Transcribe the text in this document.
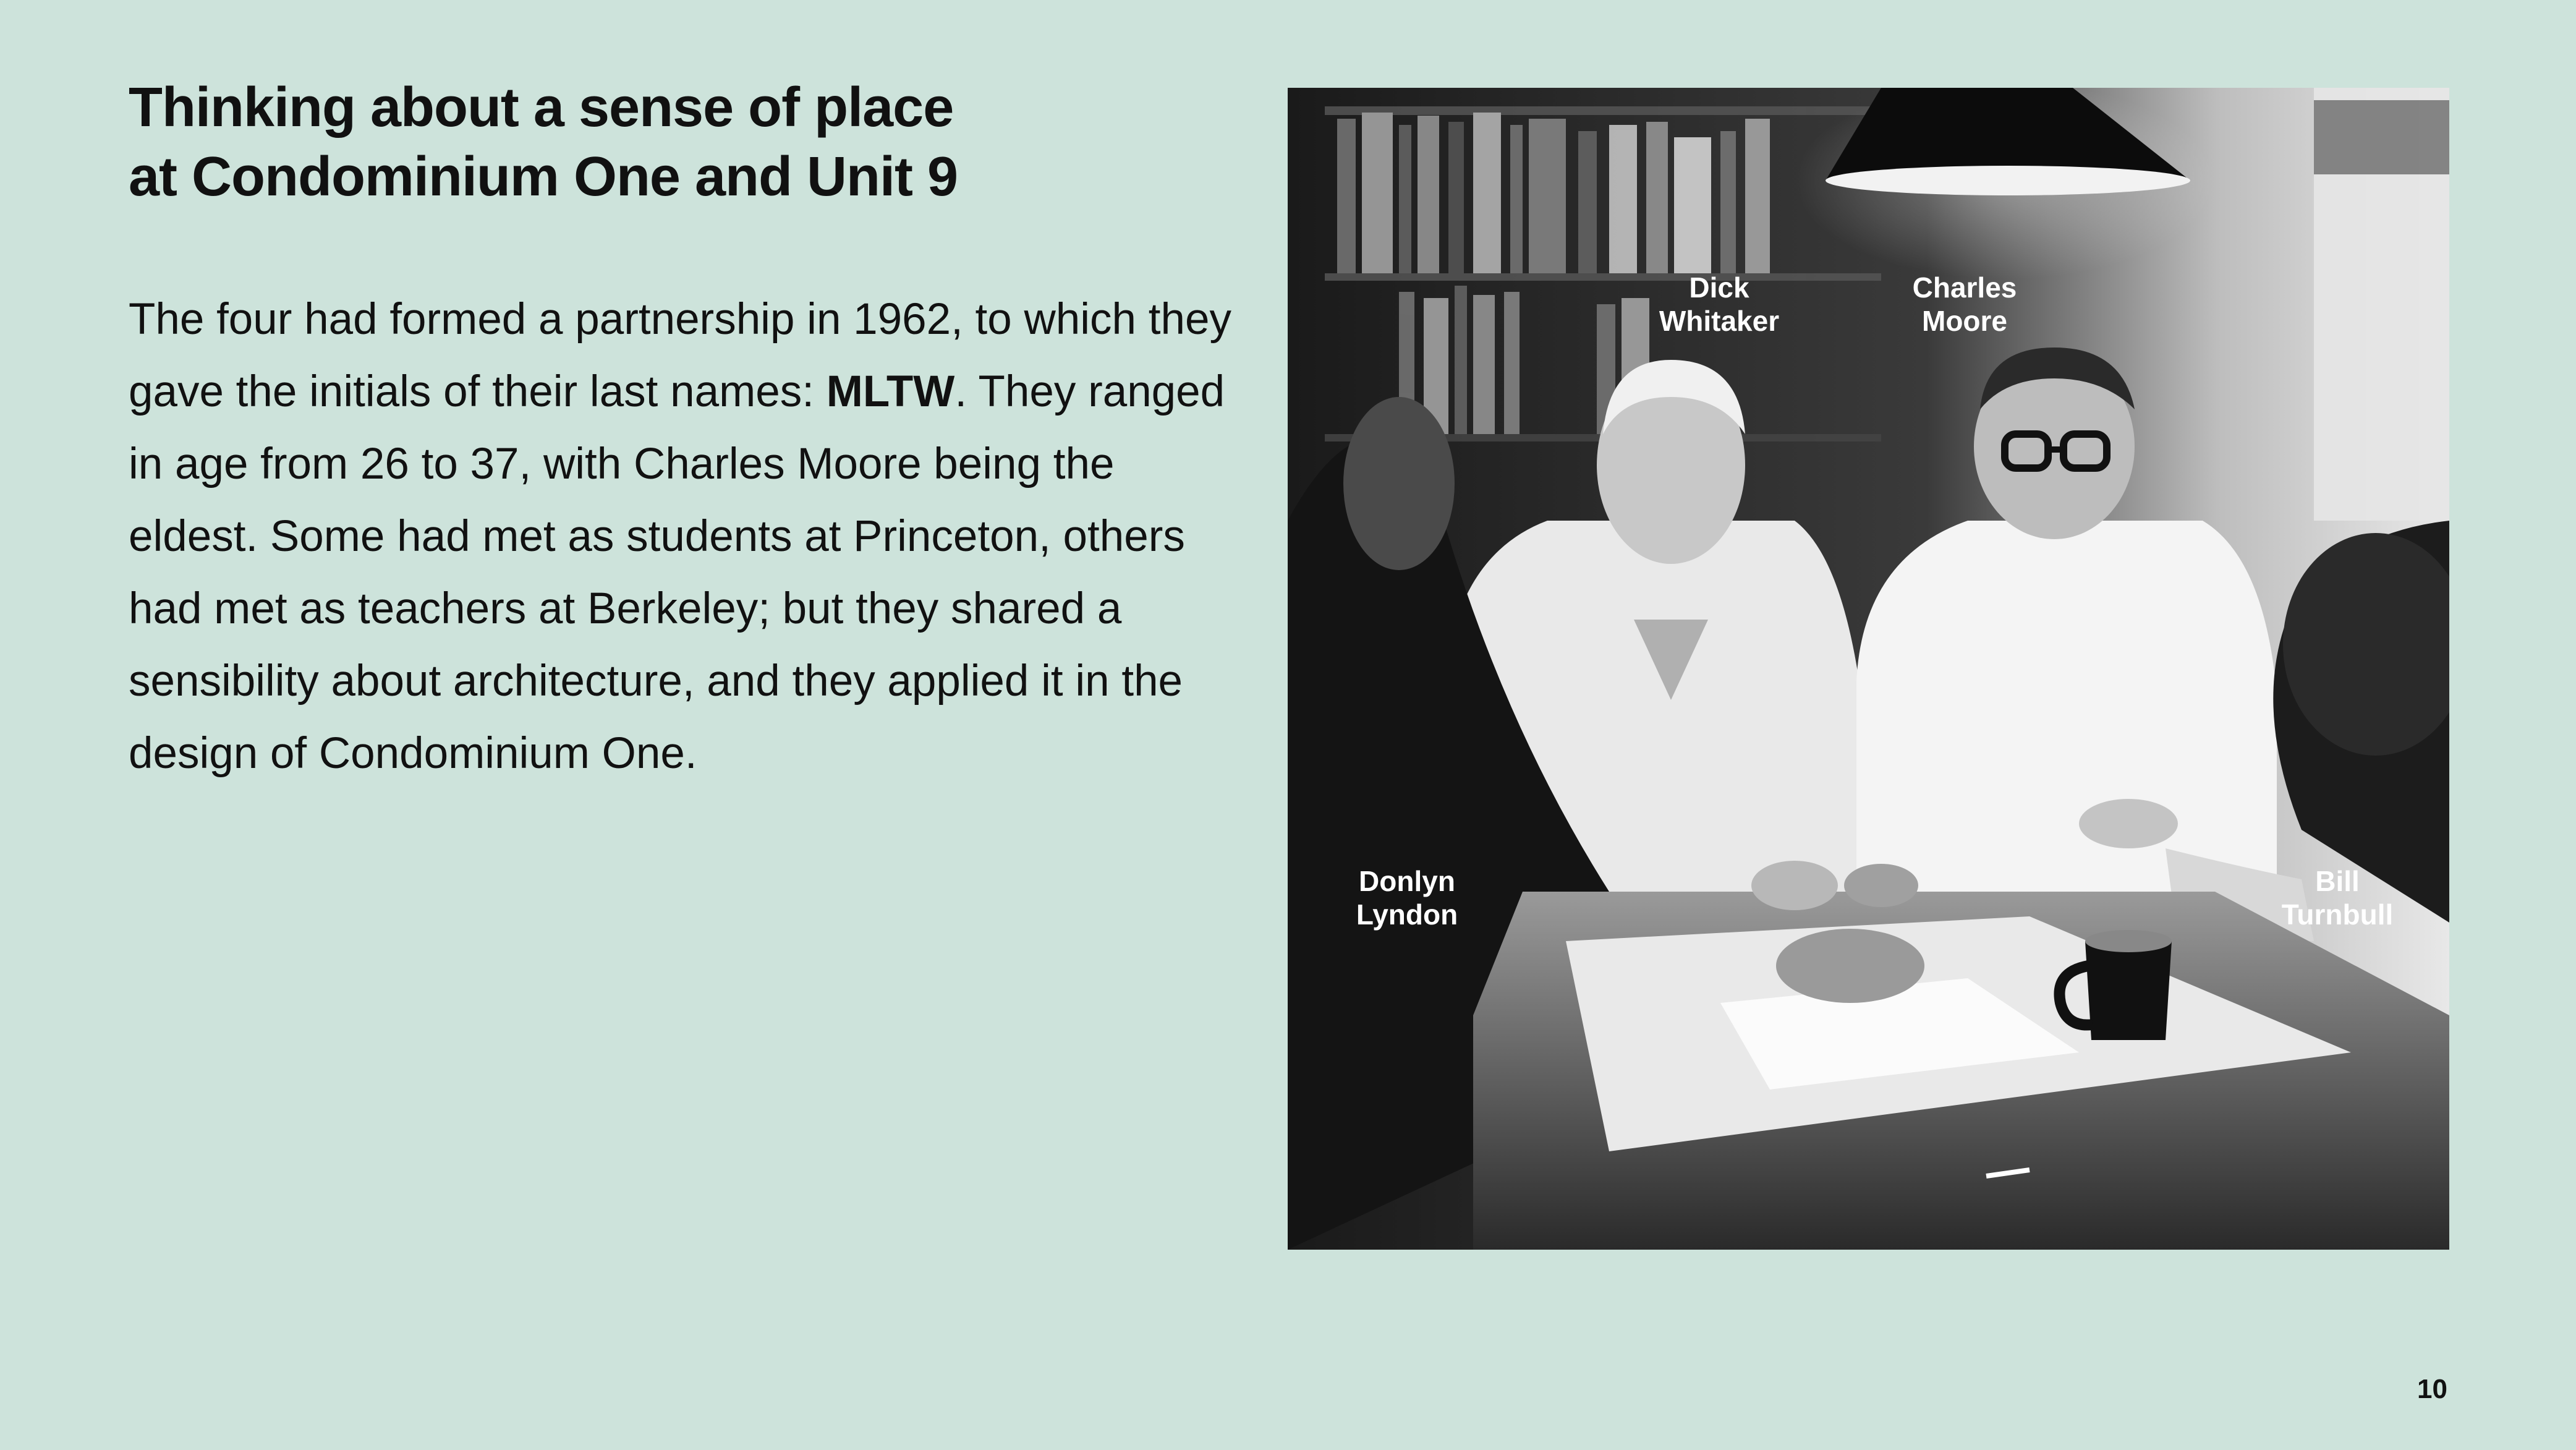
Thinking about a sense of place
at Condominium One and Unit 9

The four had formed a partnership in 1962, to which they gave the initials of their last names: MLTW. They ranged in age from 26 to 37, with Charles Moore being the eldest. Some had met as students at Princeton, others had met as teachers at Berkeley; but they shared a sensibility about architecture, and they applied it in the design of Condominium One.

Dick
Whitaker
Charles
Moore
Donlyn
Lyndon
Bill
Turnbull
10
